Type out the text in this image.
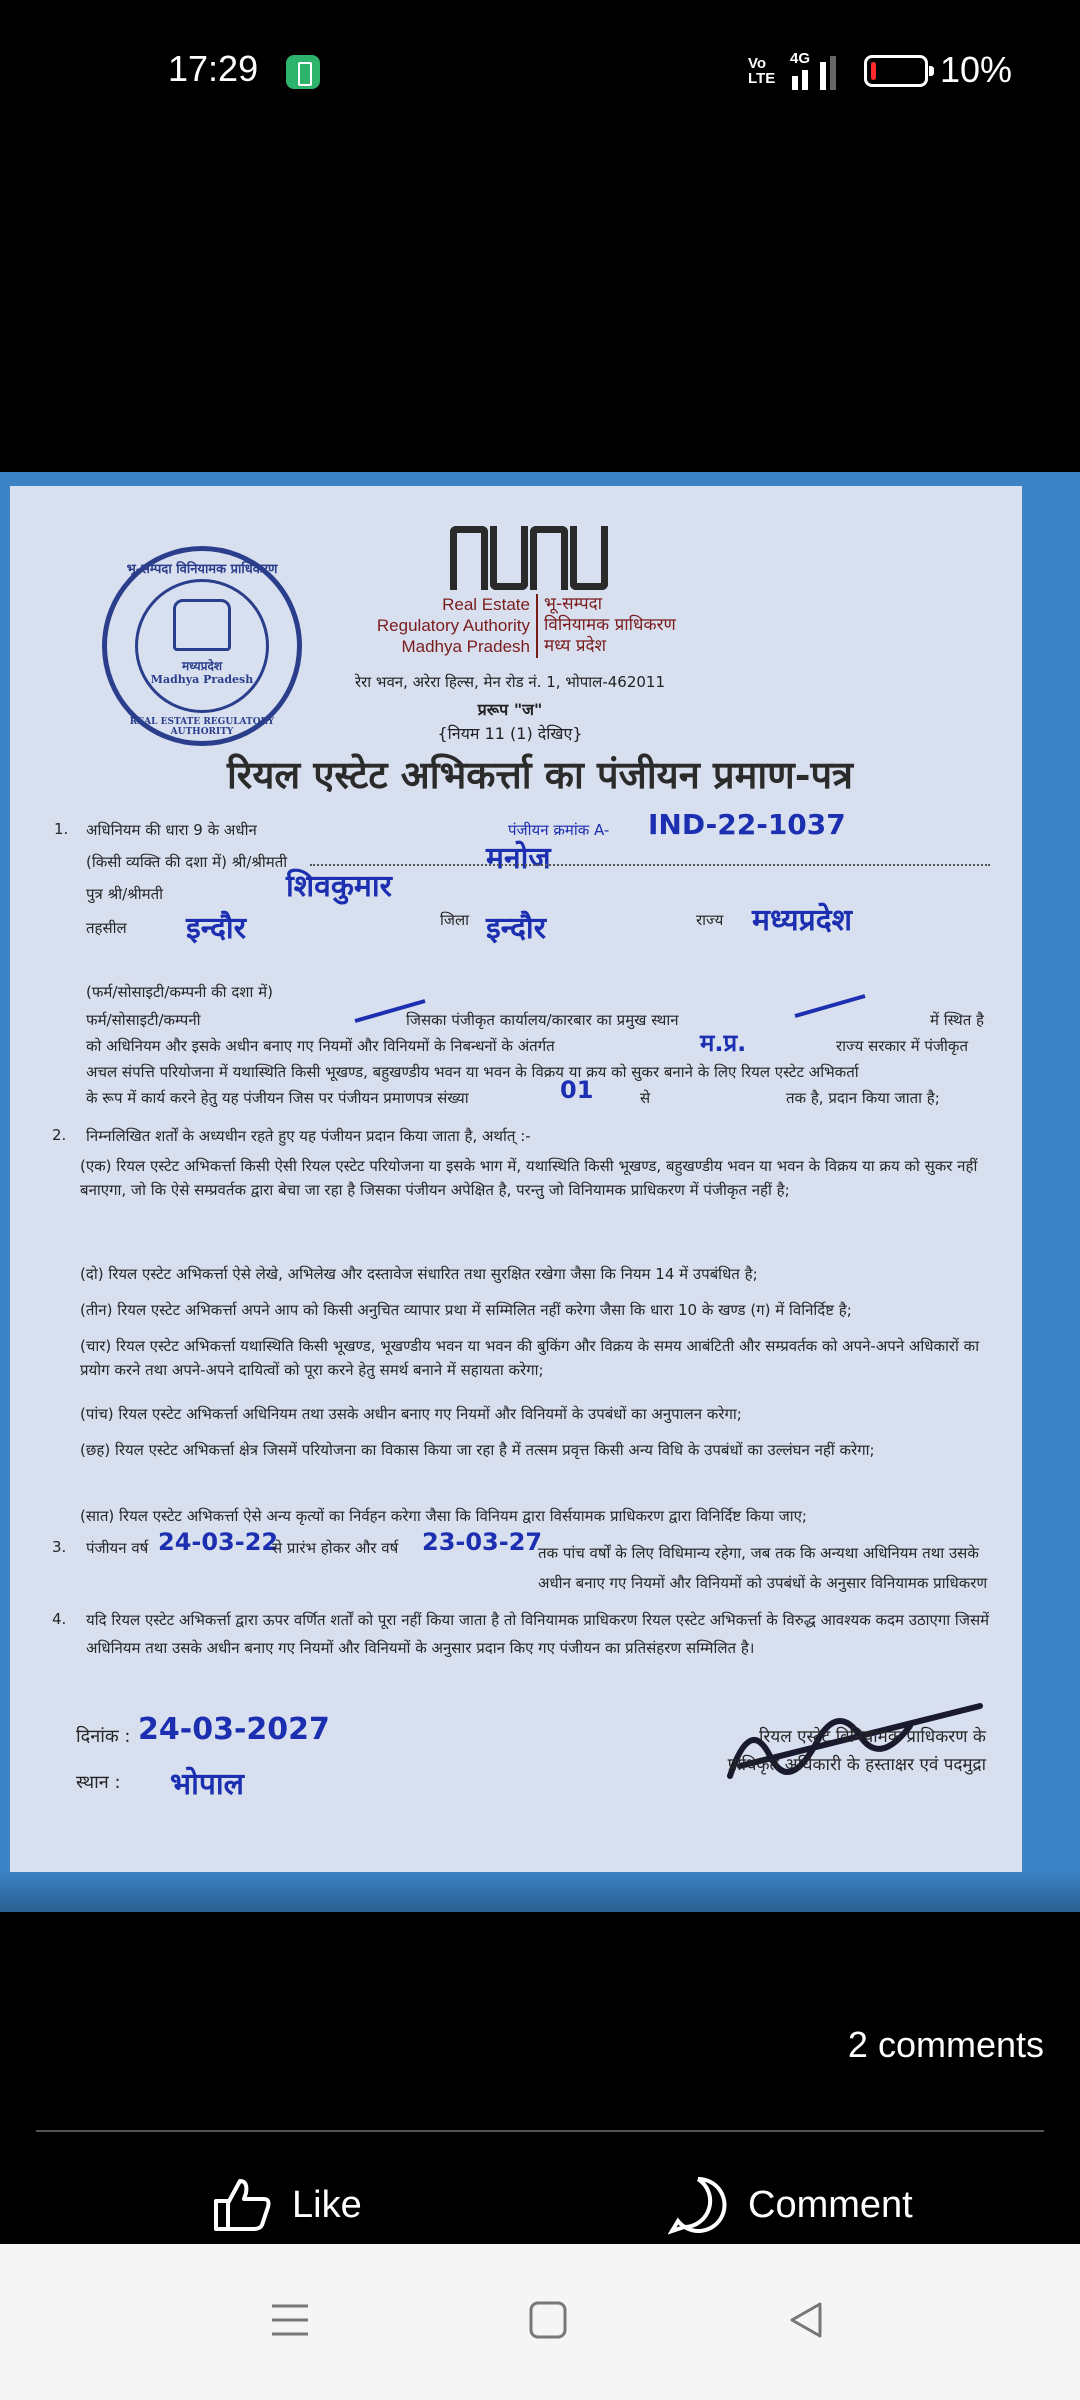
17:29	Vo
LTE
4G	10%
भू-सम्पदा विनियामक प्राधिकरण
मध्यप्रदेश
Madhya Pradesh
REAL ESTATE REGULATORY AUTHORITY
Real Estate
Regulatory Authority
Madhya Pradesh
भू-सम्पदा
विनियामक प्राधिकरण
मध्य प्रदेश
रेरा भवन, अरेरा हिल्स, मेन रोड नं. 1, भोपाल-462011
प्ररूप "ज"
{नियम 11 (1) देखिए}
रियल एस्टेट अभिकर्त्ता का पंजीयन प्रमाण-पत्र
1. अधिनियम की धारा 9 के अधीन	पंजीयन क्रमांक A- IND-22-1037
(किसी व्यक्ति की दशा में) श्री/श्रीमती	मनोज
पुत्र श्री/श्रीमती	शिवकुमार
तहसील इन्दौर	जिला इन्दौर	राज्य मध्यप्रदेश
(फर्म/सोसाइटी/कम्पनी की दशा में)
फर्म/सोसाइटी/कम्पनी	जिसका पंजीकृत कार्यालय/कारबार का प्रमुख स्थान	में स्थित है
को अधिनियम और इसके अधीन बनाए गए नियमों और विनियमों के निबन्धनों के अंतर्गत	म.प्र.	राज्य सरकार में पंजीकृत
अचल संपत्ति परियोजना में यथास्थिति किसी भूखण्ड, बहुखण्डीय भवन या भवन के विक्रय या क्रय को सुकर बनाने के लिए रियल एस्टेट अभिकर्ता
के रूप में कार्य करने हेतु यह पंजीयन जिस पर पंजीयन प्रमाणपत्र संख्या	01	से	तक है, प्रदान किया जाता है;
2. निम्नलिखित शर्तों के अध्यधीन रहते हुए यह पंजीयन प्रदान किया जाता है, अर्थात् :-
(एक) रियल एस्टेट अभिकर्त्ता किसी ऐसी रियल एस्टेट परियोजना या इसके भाग में, यथास्थिति किसी भूखण्ड, बहुखण्डीय भवन या भवन के विक्रय या क्रय को सुकर नहीं बनाएगा, जो कि ऐसे सम्प्रवर्तक द्वारा बेचा जा रहा है जिसका पंजीयन अपेक्षित है, परन्तु जो विनियामक प्राधिकरण में पंजीकृत नहीं है;
(दो) रियल एस्टेट अभिकर्त्ता ऐसे लेखे, अभिलेख और दस्तावेज संधारित तथा सुरक्षित रखेगा जैसा कि नियम 14 में उपबंधित है;
(तीन) रियल एस्टेट अभिकर्त्ता अपने आप को किसी अनुचित व्यापार प्रथा में सम्मिलित नहीं करेगा जैसा कि धारा 10 के खण्ड (ग) में विनिर्दिष्ट है;
(चार) रियल एस्टेट अभिकर्त्ता यथास्थिति किसी भूखण्ड, भूखण्डीय भवन या भवन की बुकिंग और विक्रय के समय आबंटिती और सम्प्रवर्तक को अपने-अपने अधिकारों का प्रयोग करने तथा अपने-अपने दायित्वों को पूरा करने हेतु समर्थ बनाने में सहायता करेगा;
(पांच) रियल एस्टेट अभिकर्त्ता अधिनियम तथा उसके अधीन बनाए गए नियमों और विनियमों के उपबंधों का अनुपालन करेगा;
(छह) रियल एस्टेट अभिकर्त्ता क्षेत्र जिसमें परियोजना का विकास किया जा रहा है में तत्सम प्रवृत्त किसी अन्य विधि के उपबंधों का उल्लंघन नहीं करेगा;
(सात) रियल एस्टेट अभिकर्त्ता ऐसे अन्य कृत्यों का निर्वहन करेगा जैसा कि विनियम द्वारा विर्सयामक प्राधिकरण द्वारा विनिर्दिष्ट किया जाए;
3. पंजीयन वर्ष 24-03-22
से प्रारंभ होकर और वर्ष 23-03-27
तक पांच वर्षों के लिए विधिमान्य रहेगा, जब तक कि अन्यथा अधिनियम तथा उसके अधीन बनाए गए नियमों और विनियमों को उपबंधों के अनुसार विनियामक प्राधिकरण
4. यदि रियल एस्टेट अभिकर्त्ता द्वारा ऊपर वर्णित शर्तों को पूरा नहीं किया जाता है तो विनियामक प्राधिकरण रियल एस्टेट अभिकर्त्ता के विरुद्ध आवश्यक कदम उठाएगा जिसमें अधिनियम तथा उसके अधीन बनाए गए नियमों और विनियमों के अनुसार प्रदान किए गए पंजीयन का प्रतिसंहरण सम्मिलित है।
दिनांक : 24-03-2027
स्थान : भोपाल
रियल एस्टेट विनियामक प्राधिकरण के
प्राधिकृत अधिकारी के हस्ताक्षर एवं पदमुद्रा
2 comments
Like	Comment
